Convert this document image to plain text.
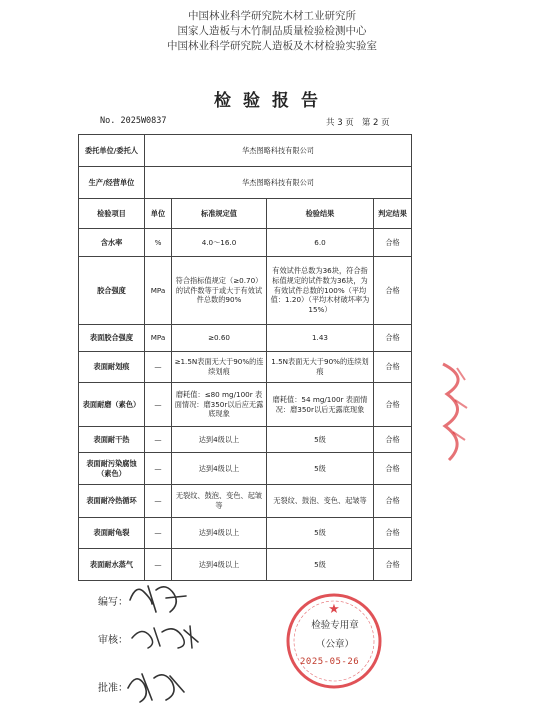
中国林业科学研究院木材工业研究所
国家人造板与木竹制品质量检验检测中心
中国林业科学研究院人造板及木材检验实验室
检验报告
No. 2025W0837	共 3 页 第 2 页
委托单位/委托人	华杰图略科技有限公司			
生产/经营单位	华杰图略科技有限公司			
检验项目	单位	标准规定值	检验结果	判定结果
含水率	%	4.0～16.0	6.0	合格
胶合强度	MPa	符合指标值规定（≥0.70）的试件数等于或大于有效试件总数的90%	有效试件总数为36块，符合指标值规定的试件数为36块，为有效试件总数的100%（平均值：1.20）（平均木材破坏率为15%）	合格
表面胶合强度	MPa	≥0.60	1.43	合格
表面耐划痕	—	≥1.5N表面无大于90%的连续划痕	1.5N表面无大于90%的连续划痕	合格
表面耐磨（素色）	—	磨耗值：≤80 mg/100r 表面情况：磨350r以后应无露底现象	磨耗值：54 mg/100r 表面情况：磨350r以后无露底现象	合格
表面耐干热	—	达到4级以上	5级	合格
表面耐污染腐蚀（素色）	—	达到4级以上	5级	合格
表面耐冷热循环	—	无裂纹、鼓泡、变色、起皱等	无裂纹、鼓泡、变色、起皱等	合格
表面耐龟裂	—	达到4级以上	5级	合格
表面耐水蒸气	—	达到4级以上	5级	合格
编写：
审核：
批准：
★
检验专用章
（公章）
2025-05-26
